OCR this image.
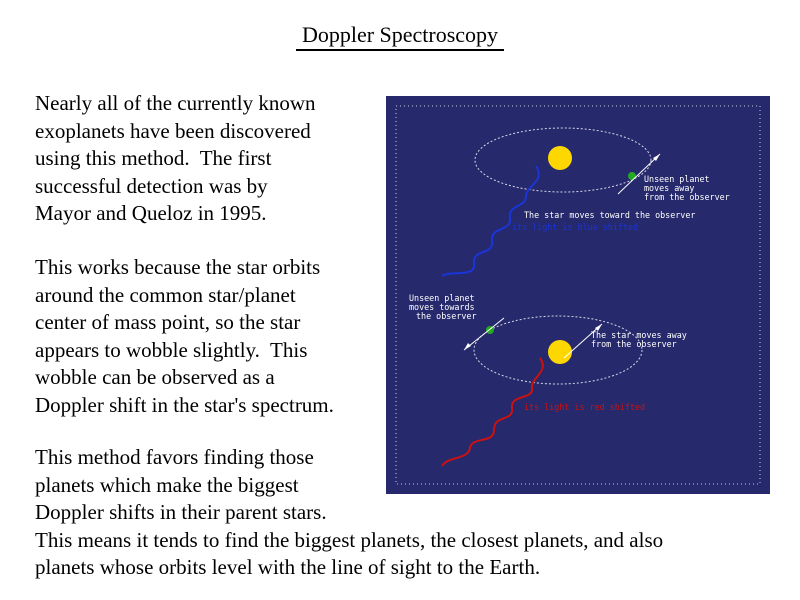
Doppler Spectroscopy

Nearly all of the currently known
exoplanets have been discovered
using this method.  The first
successful detection was by
Mayor and Queloz in 1995.

This works because the star orbits
around the common star/planet
center of mass point, so the star
appears to wobble slightly.  This
wobble can be observed as a
Doppler shift in the star's spectrum.

This method favors finding those
planets which make the biggest
Doppler shifts in their parent stars.
This means it tends to find the biggest planets, the closest planets, and also
planets whose orbits level with the line of sight to the Earth.

Unseen planet moves away from the observer
The star moves toward the observer
its light is blue shifted
Unseen planet moves towards the observer
The star moves away from the observer
its light is red shifted
